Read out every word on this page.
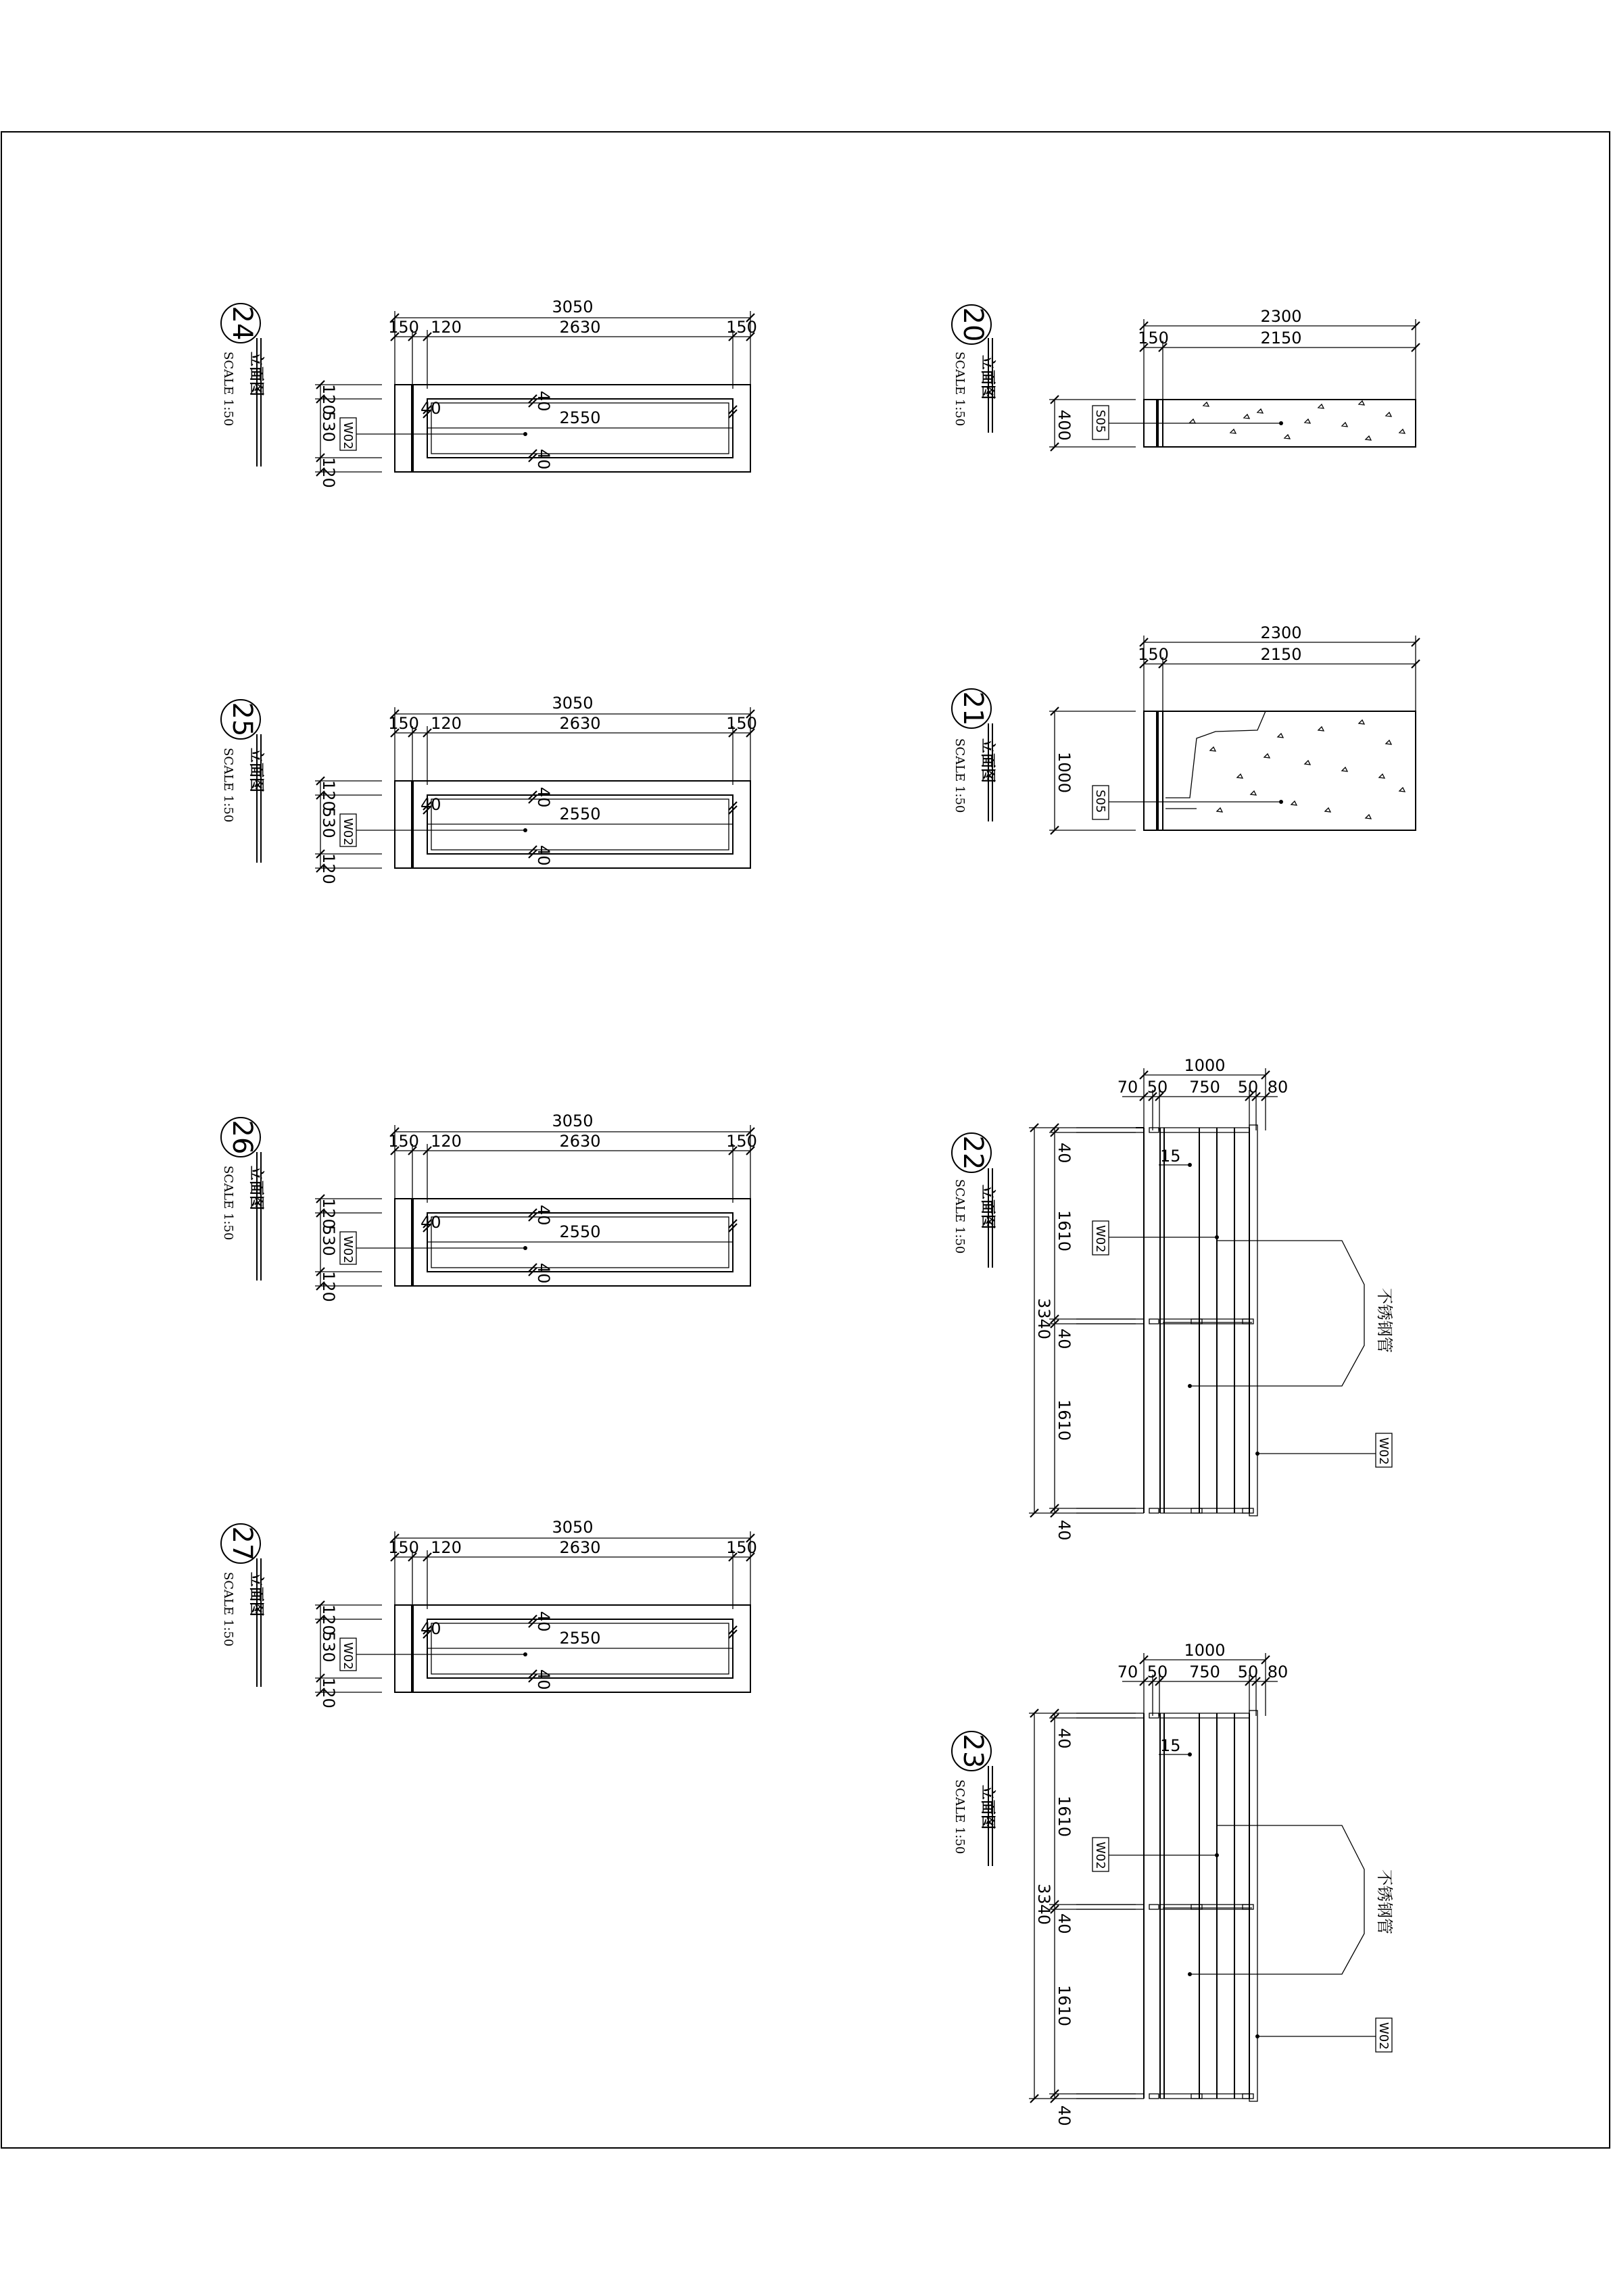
24
立面图
SCALE 1:50
3050
150 120	2630	150
120
530
120
W02
40	40
40
2550
25
立面图
SCALE 1:50
3050
150 120	2630	150
120
530
120
W02
40	40
40
2550
26
立面图
SCALE 1:50
3050
150 120	2630	150
120
530
120
W02
40	40
40
2550
27
立面图
SCALE 1:50
3050
150 120	2630	150
120
530
120
W02
40	40
40
2550
20
立面图
SCALE 1:50
2300
150	2150
400 S05
21
立面图
SCALE 1:50
2300
150	2150
1000
S05
22
立面图
SCALE 1:50
1000
70 50 750 50 80
40
1610
40
1610
40
3340
15
W02
不锈钢管
W02
23
立面图
SCALE 1:50
1000
70 50 750 50 80
40
1610
40
1610
40
3340
15
W02
不锈钢管
W02
